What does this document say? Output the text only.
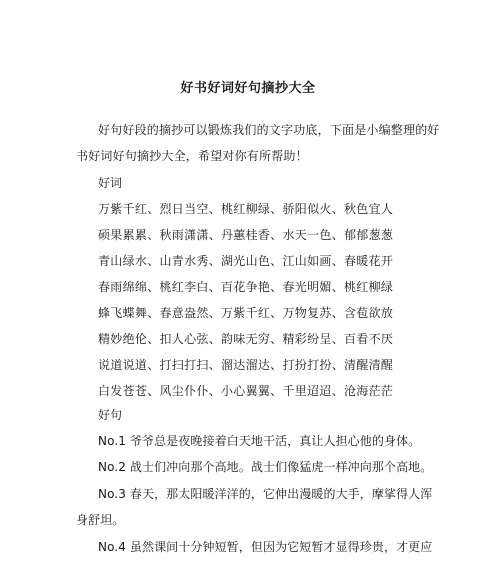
好书好词好句摘抄大全
好句好段的摘抄可以锻炼我们的文字功底，下面是小编整理的好
书好词好句摘抄大全，希望对你有所帮助！
好词
万紫千红、烈日当空、桃红柳绿、骄阳似火、秋色宜人
硕果累累、秋雨潇潇、丹蕙桂香、水天一色、郁郁葱葱
青山绿水、山青水秀、湖光山色、江山如画、春暖花开
春雨绵绵、桃红李白、百花争艳、春光明媚、桃红柳绿
蜂飞蝶舞、春意盎然、万紫千红、万物复苏、含苞欲放
精妙绝伦、扣人心弦、韵味无穷、精彩纷呈、百看不厌
说道说道、打扫打扫、溜达溜达、打扮打扮、清醒清醒
白发苍苍、风尘仆仆、小心翼翼、千里迢迢、沧海茫茫
好句
No.1 爷爷总是夜晚接着白天地干活，真让人担心他的身体。
No.2 战士们冲向那个高地。战士们像猛虎一样冲向那个高地。
No.3 春天，那太阳暖洋洋的，它伸出漫暖的大手，摩挲得人浑
身舒坦。
No.4 虽然课间十分钟短暂，但因为它短暂才显得珍贵，才更应
